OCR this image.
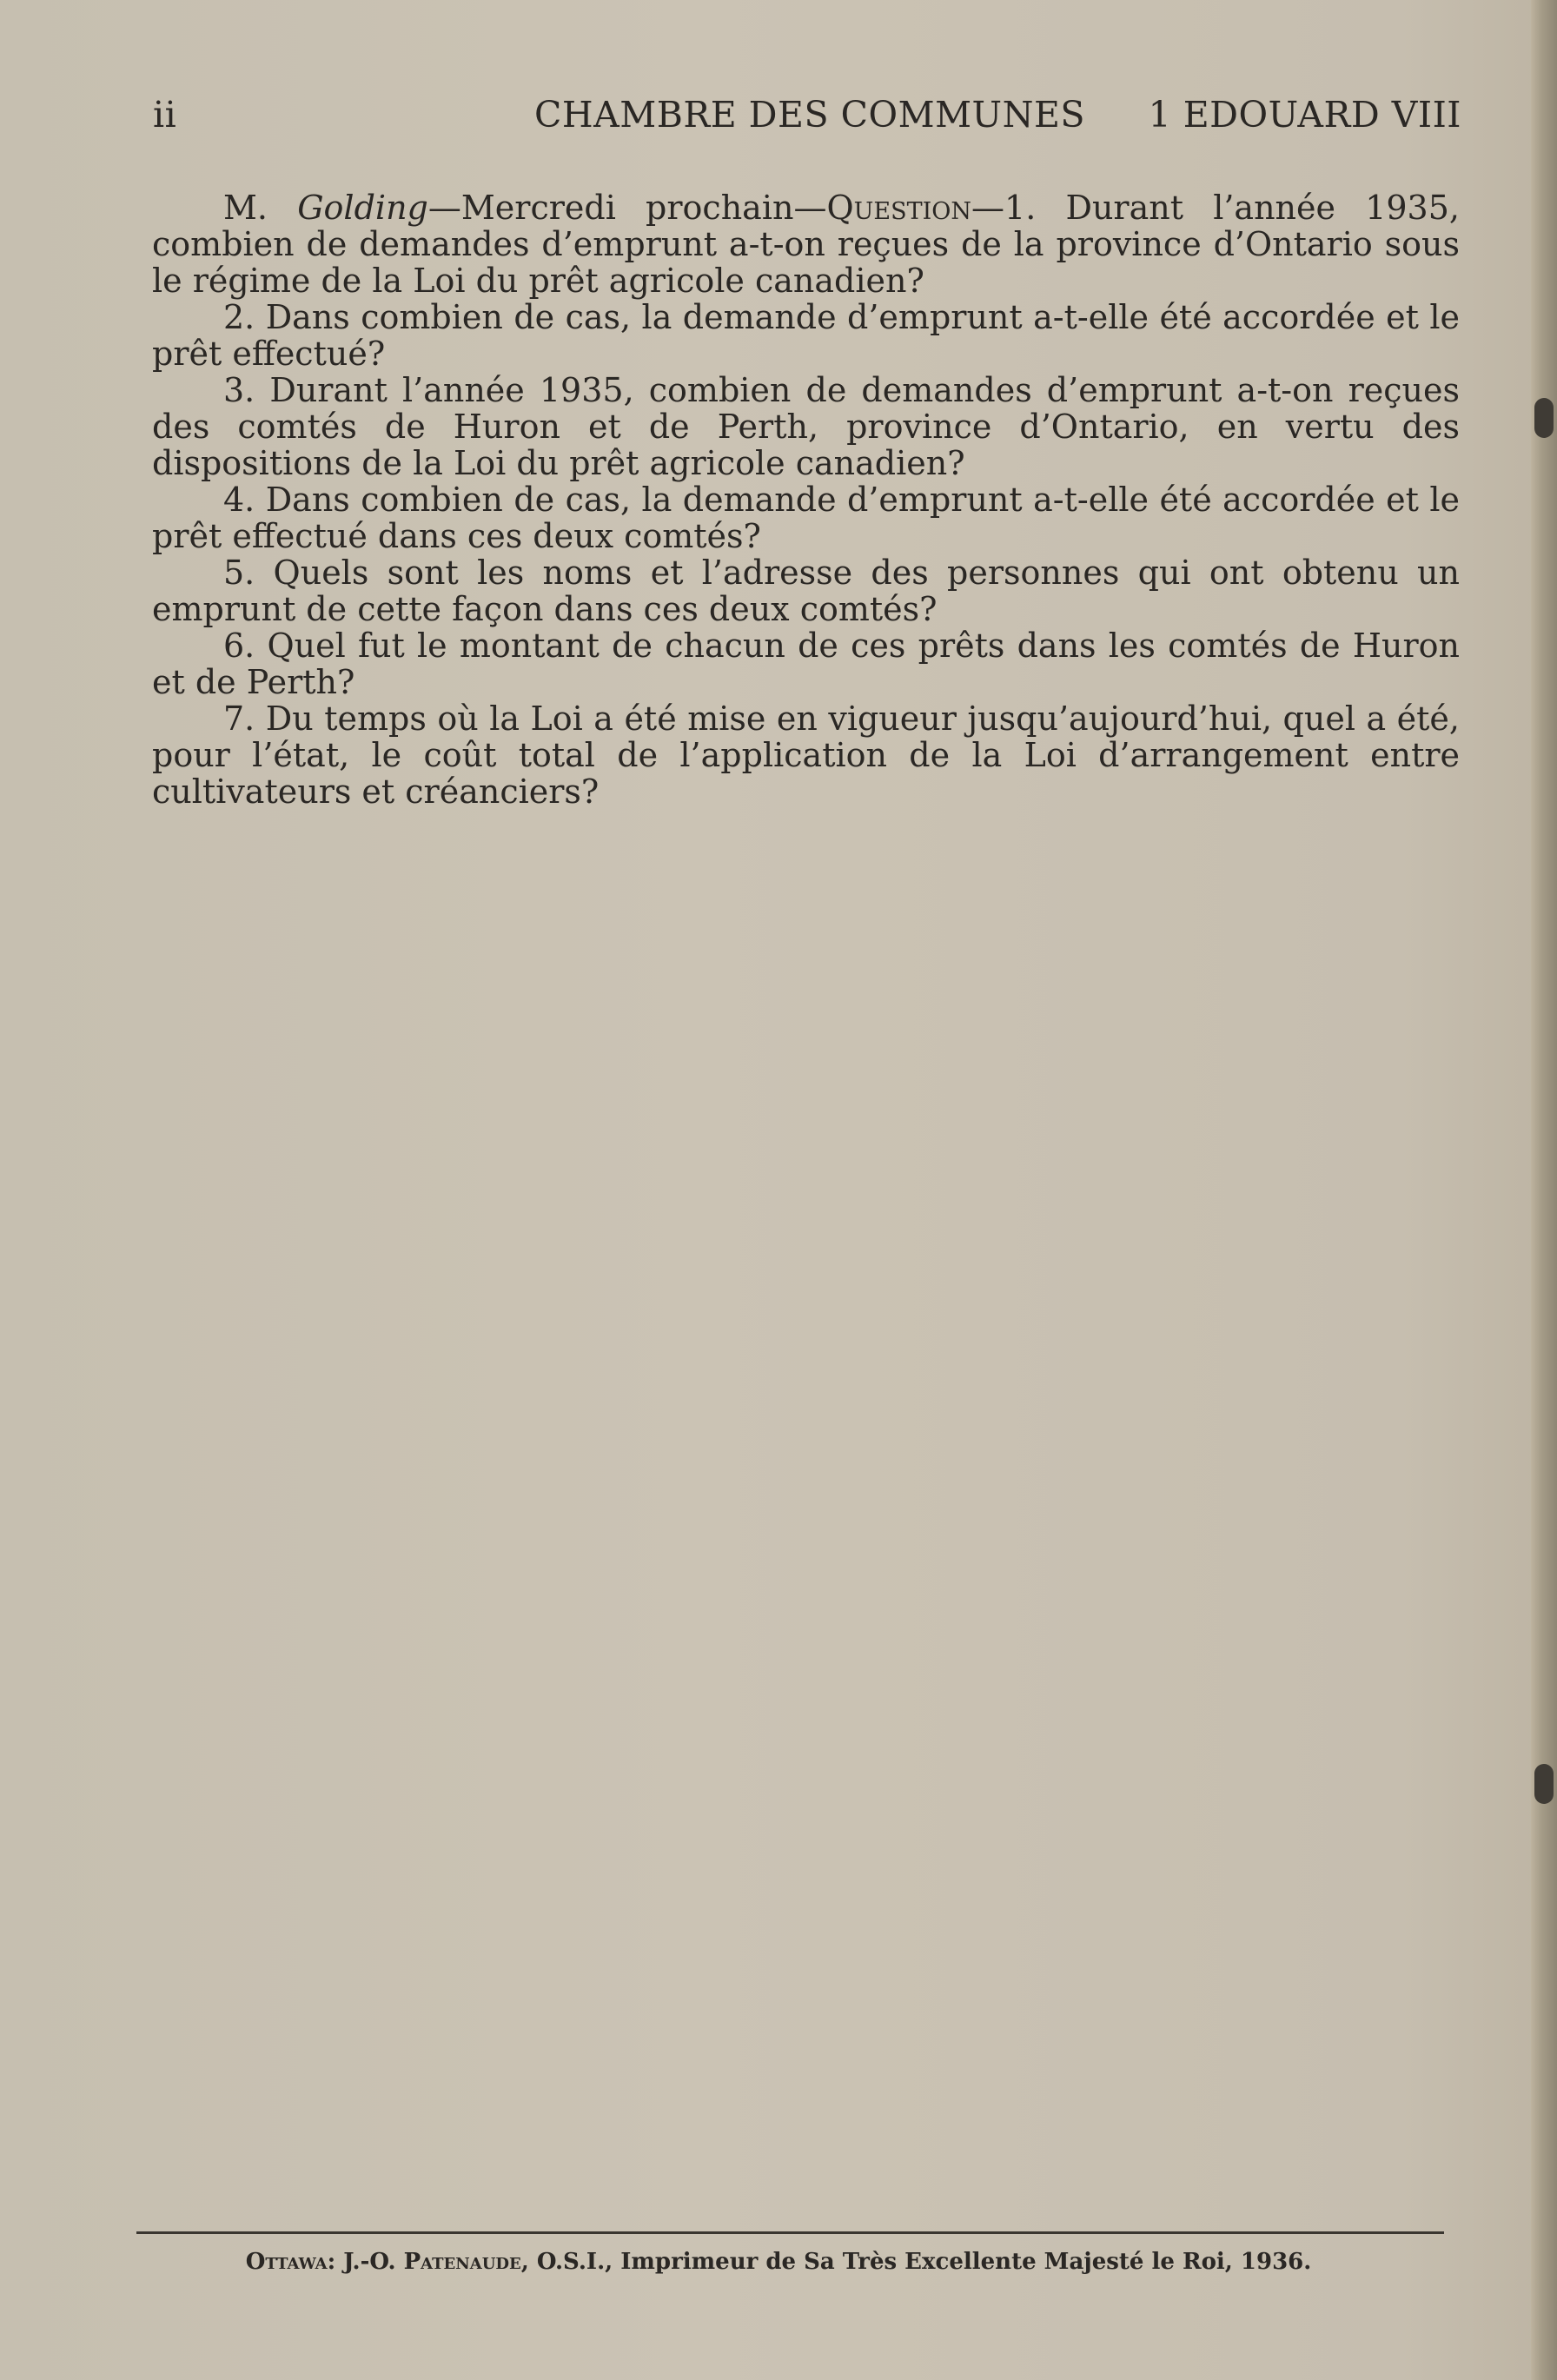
ii	CHAMBRE DES COMMUNES 1 EDOUARD VIII

M. Golding—Mercredi prochain—Question—1. Durant l’année 1935, combien de demandes d’emprunt a-t-on reçues de la province d’Ontario sous le régime de la Loi du prêt agricole canadien?

2. Dans combien de cas, la demande d’emprunt a-t-elle été accordée et le prêt effectué?

3. Durant l’année 1935, combien de demandes d’emprunt a-t-on reçues des comtés de Huron et de Perth, province d’Ontario, en vertu des dispositions de la Loi du prêt agricole canadien?

4. Dans combien de cas, la demande d’emprunt a-t-elle été accordée et le prêt effectué dans ces deux comtés?

5. Quels sont les noms et l’adresse des personnes qui ont obtenu un emprunt de cette façon dans ces deux comtés?

6. Quel fut le montant de chacun de ces prêts dans les comtés de Huron et de Perth?

7. Du temps où la Loi a été mise en vigueur jusqu’aujourd’hui, quel a été, pour l’état, le coût total de l’application de la Loi d’arrangement entre cultivateurs et créanciers?

Ottawa: J.-O. Patenaude, O.S.I., Imprimeur de Sa Très Excellente Majesté le Roi, 1936.
